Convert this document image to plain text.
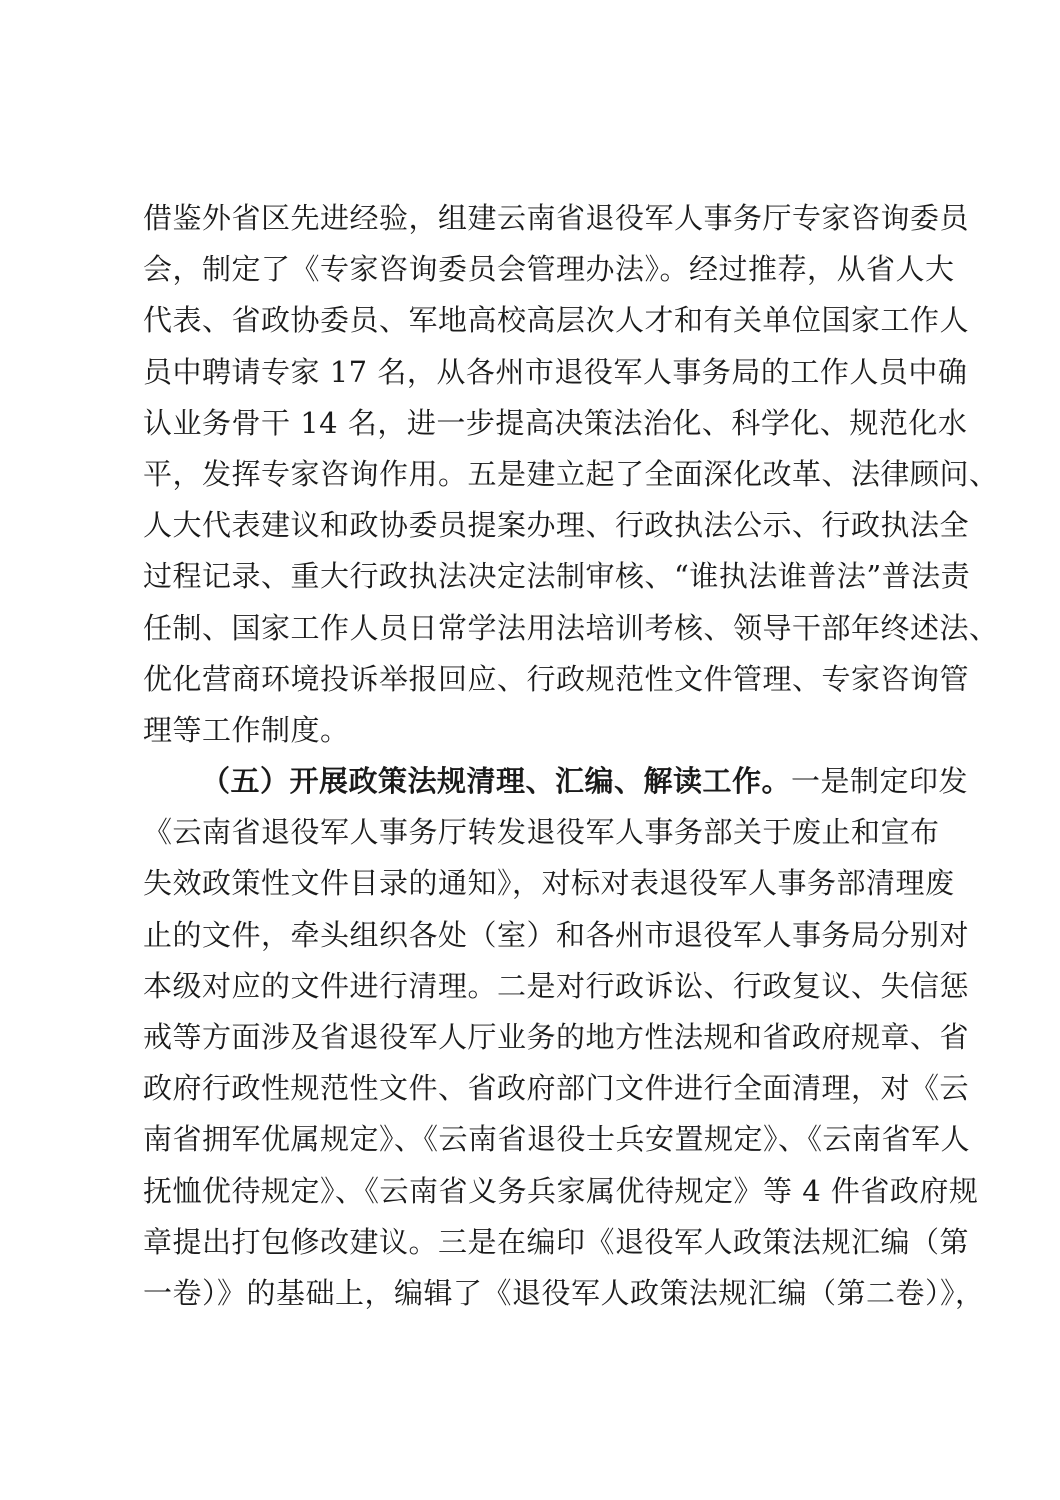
借鉴外省区先进经验，组建云南省退役军人事务厅专家咨询委员
会，制定了《专家咨询委员会管理办法》。经过推荐，从省人大
代表、省政协委员、军地高校高层次人才和有关单位国家工作人
员中聘请专家 17 名，从各州市退役军人事务局的工作人员中确
认业务骨干 14 名，进一步提高决策法治化、科学化、规范化水
平，发挥专家咨询作用。五是建立起了全面深化改革、法律顾问、
人大代表建议和政协委员提案办理、行政执法公示、行政执法全
过程记录、重大行政执法决定法制审核、“谁执法谁普法”普法责
任制、国家工作人员日常学法用法培训考核、领导干部年终述法、
优化营商环境投诉举报回应、行政规范性文件管理、专家咨询管
理等工作制度。
（五）开展政策法规清理、汇编、解读工作。一是制定印发
《云南省退役军人事务厅转发退役军人事务部关于废止和宣布
失效政策性文件目录的通知》，对标对表退役军人事务部清理废
止的文件，牵头组织各处（室）和各州市退役军人事务局分别对
本级对应的文件进行清理。二是对行政诉讼、行政复议、失信惩
戒等方面涉及省退役军人厅业务的地方性法规和省政府规章、省
政府行政性规范性文件、省政府部门文件进行全面清理，对《云
南省拥军优属规定》、《云南省退役士兵安置规定》、《云南省军人
抚恤优待规定》、《云南省义务兵家属优待规定》等 4 件省政府规
章提出打包修改建议。三是在编印《退役军人政策法规汇编（第
一卷）》的基础上，编辑了《退役军人政策法规汇编（第二卷）》，
